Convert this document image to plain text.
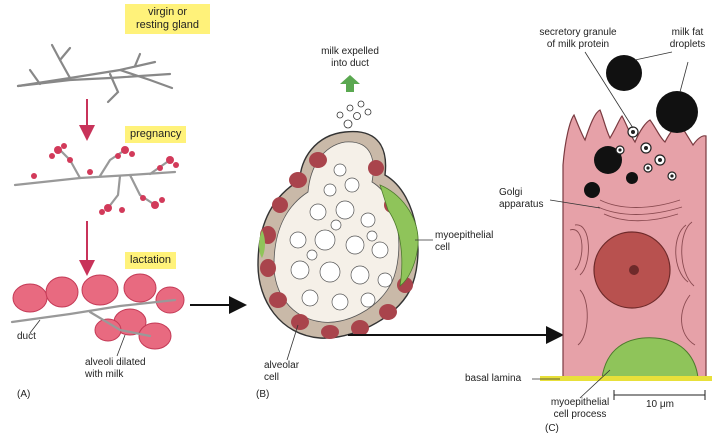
virgin or
resting gland
pregnancy
lactation
duct
alveoli dilated
with milk
(A)
milk expelled
into duct
myoepithelial
cell
alveolar
cell
(B)
secretory granule
of milk protein
milk fat
droplets
Golgi
apparatus
basal lamina
myoepithelial
cell process
10 μm
(C)
